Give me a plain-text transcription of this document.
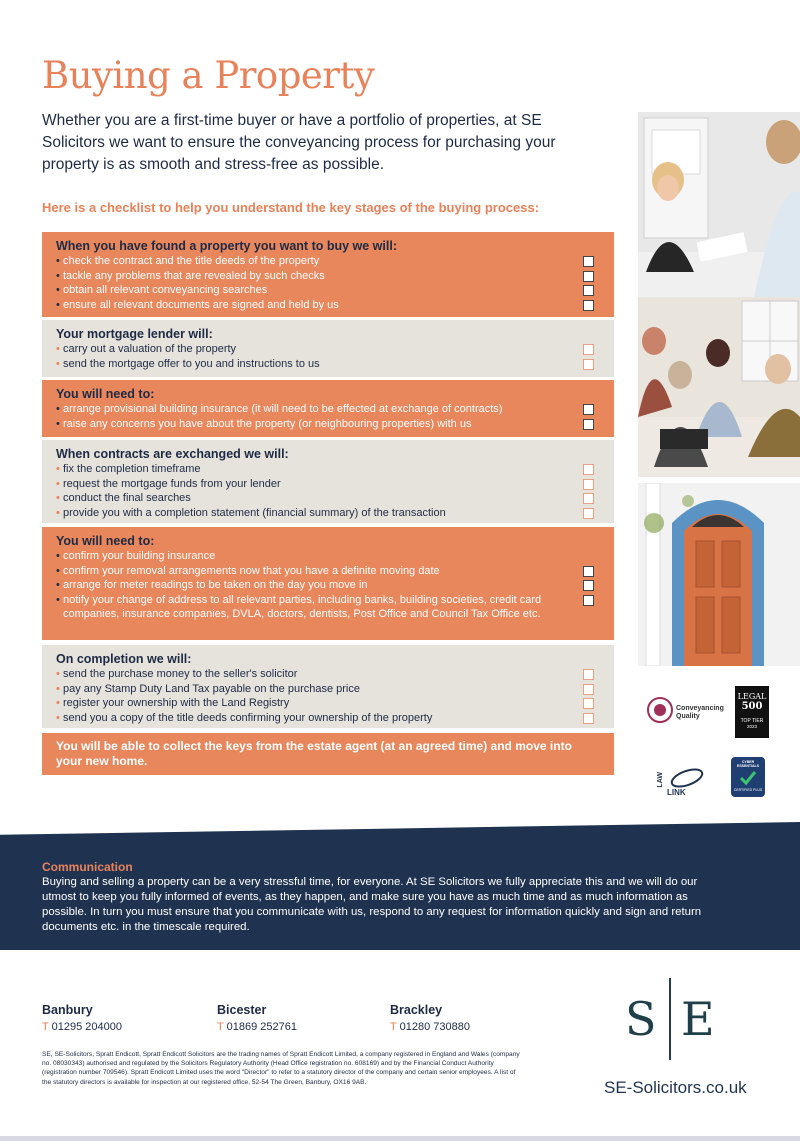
Buying a Property

Whether you are a first-time buyer or have a portfolio of properties, at SE Solicitors we want to ensure the conveyancing process for purchasing your property is as smooth and stress-free as possible.

Here is a checklist to help you understand the key stages of the buying process:

When you have found a property you want to buy we will:
• check the contract and the title deeds of the property
• tackle any problems that are revealed by such checks
• obtain all relevant conveyancing searches
• ensure all relevant documents are signed and held by us
Your mortgage lender will:
• carry out a valuation of the property
• send the mortgage offer to you and instructions to us
You will need to:
• arrange provisional building insurance (it will need to be effected at exchange of contracts)
• raise any concerns you have about the property (or neighbouring properties) with us
When contracts are exchanged we will:
• fix the completion timeframe
• request the mortgage funds from your lender
• conduct the final searches
• provide you with a completion statement (financial summary) of the transaction
You will need to:
• confirm your building insurance
• confirm your removal arrangements now that you have a definite moving date
• arrange for meter readings to be taken on the day you move in
• notify your change of address to all relevant parties, including banks, building societies, credit card companies, insurance companies, DVLA, doctors, dentists, Post Office and Council Tax Office etc.
On completion we will:
• send the purchase money to the seller's solicitor
• pay any Stamp Duty Land Tax payable on the purchase price
• register your ownership with the Land Registry
• send you a copy of the title deeds confirming your ownership of the property
You will be able to collect the keys from the estate agent (at an agreed time) and move into your new home.
Conveyancing Quality
LEGAL
500
TOP TIER
2023
LAW
LINK
CYBER ESSENTIALS
CERTIFIED PLUS
Communication
Buying and selling a property can be a very stressful time, for everyone. At SE Solicitors we fully appreciate this and we will do our utmost to keep you fully informed of events, as they happen, and make sure you have as much time and as much information as possible. In turn you must ensure that you communicate with us, respond to any request for information quickly and sign and return documents etc. in the timescale required.
Banbury
T 01295 204000
Bicester
T 01869 252761
Brackley
T 01280 730880

SE, SE-Solicitors, Spratt Endicott, Spratt Endicott Solicitors are the trading names of Spratt Endicott Limited, a company registered in England and Wales (company no. 08030343) authorised and regulated by the Solicitors Regulatory Authority (Head Office registration no. 608169) and by the Financial Conduct Authority (registration number 709546). Spratt Endicott Limited uses the word "Director" to refer to a statutory director of the company and certain senior employees. A list of the statutory directors is available for inspection at our registered office, 52-54 The Green, Banbury, OX16 9AB.

S E
SE-Solicitors.co.uk
